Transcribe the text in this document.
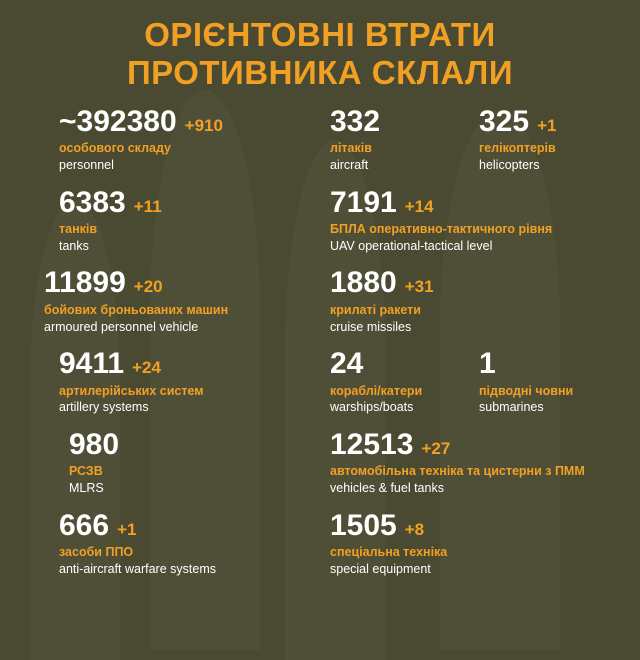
ОРІЄНТОВНІ ВТРАТИ
ПРОТИВНИКА СКЛАЛИ
~392380 +910
особового складу
personnel
332
літаків
aircraft
325 +1
гелікоптерів
helicopters
6383 +11
танків
tanks
7191 +14
БПЛА оперативно-тактичного рівня
UAV operational-tactical level
11899 +20
бойових броньованих машин
armoured personnel vehicle
1880 +31
крилаті ракети
cruise missiles
9411 +24
артилерійських систем
artillery systems
24
кораблі/катери
warships/boats
1
підводні човни
submarines
980
РСЗВ
MLRS
12513 +27
автомобільна техніка та цистерни з ПММ
vehicles & fuel tanks
666 +1
засоби ППО
anti-aircraft warfare systems
1505 +8
спеціальна техніка
special equipment
